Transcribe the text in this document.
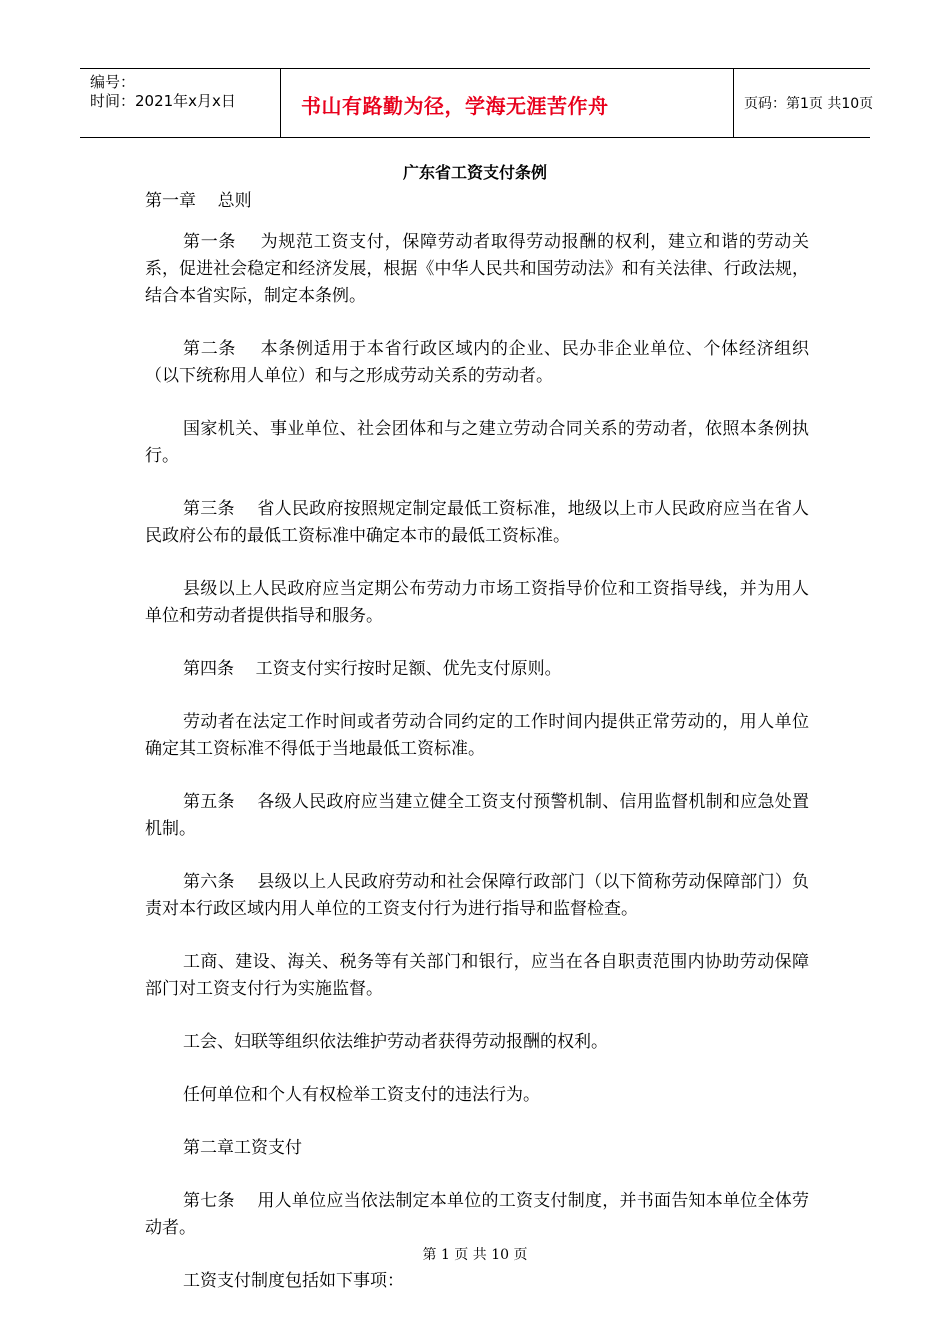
编号：
时间：2021年x月x日	书山有路勤为径，学海无涯苦作舟	页码：第1页 共10页
广东省工资支付条例
第一章    总则

第一条    为规范工资支付，保障劳动者取得劳动报酬的权利，建立和谐的劳动关系，促进社会稳定和经济发展，根据《中华人民共和国劳动法》和有关法律、行政法规，结合本省实际，制定本条例。

第二条    本条例适用于本省行政区域内的企业、民办非企业单位、个体经济组织（以下统称用人单位）和与之形成劳动关系的劳动者。

国家机关、事业单位、社会团体和与之建立劳动合同关系的劳动者，依照本条例执行。

第三条    省人民政府按照规定制定最低工资标准，地级以上市人民政府应当在省人民政府公布的最低工资标准中确定本市的最低工资标准。

县级以上人民政府应当定期公布劳动力市场工资指导价位和工资指导线，并为用人单位和劳动者提供指导和服务。

第四条    工资支付实行按时足额、优先支付原则。

劳动者在法定工作时间或者劳动合同约定的工作时间内提供正常劳动的，用人单位确定其工资标准不得低于当地最低工资标准。

第五条    各级人民政府应当建立健全工资支付预警机制、信用监督机制和应急处置机制。

第六条    县级以上人民政府劳动和社会保障行政部门（以下简称劳动保障部门）负责对本行政区域内用人单位的工资支付行为进行指导和监督检查。

工商、建设、海关、税务等有关部门和银行，应当在各自职责范围内协助劳动保障部门对工资支付行为实施监督。

工会、妇联等组织依法维护劳动者获得劳动报酬的权利。

任何单位和个人有权检举工资支付的违法行为。

第二章工资支付

第七条    用人单位应当依法制定本单位的工资支付制度，并书面告知本单位全体劳动者。

工资支付制度包括如下事项：

第 1 页 共 10 页
